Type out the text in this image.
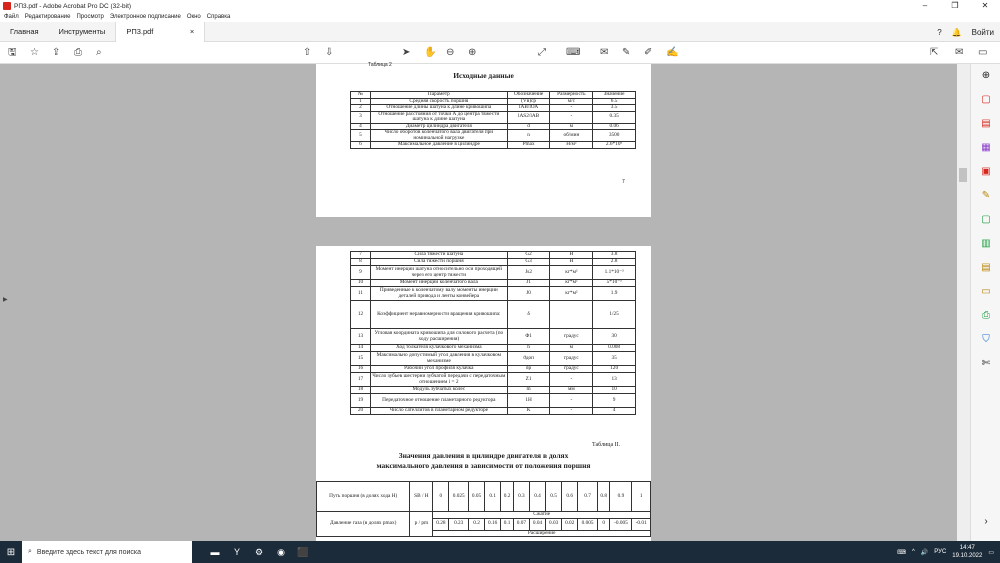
РП3.pdf - Adobe Acrobat Pro DC (32-bit)	–	❐	✕
Файл Редактирование Просмотр Электронное подписание Окно Справка
Главная	Инструменты	РП3.pdf	×	? 🔔 Войти
🖫 ☆ ⇪ ⎙ ⌕	⇧ ⇩	➤ ✋ ⊖ ⊕	⤢ ⌨ ✉ ✎ ✐ ✍	⇱ ✉ ▭
▶
⊕
▢
▤
▦
▣
✎
▢
▥
▤
▭
⎙
⛉
✄
›
Таблица 2
Исходные данные
№	Параметр	Обозначение	Размерность	Значение
1	Средняя скорость поршня	(Vв)ср	м/с	6.5
2	Отношение длины шатуна к длине кривошипа	lАВ/lОА	-	3.5
3	Отношение расстояния от точки А до центра тяжести шатуна к длине шатуна	lAS2/lAB	-	0.35
4	Диаметр цилиндра двигателя	d	м	0.06
5	Число оборотов коленчатого вала двигателя при номинальной нагрузке	n	об/мин	3500
6	Максимальное давление в цилиндре	Pmax	Н/м²	2.6*10⁶
7
7	Сила тяжести шатуна	G2	Н	3.8
8	Сила тяжести поршня	G3	Н	2.8
9	Момент инерции шатуна относительно оси проходящей через его центр тяжести	Js2	кг*м²	1.1*10⁻³
10	Момент инерции коленчатого вала	J1	кг*м²	5*10⁻³
11	Приведенные к коленчатому валу моменты инерции деталей привода и ленты конвейера	J0	кг*м²	1.9
12	Коэффициент неравномерности вращения кривошипа:	δ		1/25
13	Угловая координата кривошипа для силового расчета (по ходу расширения)	Φ1	градус	30
14	Ход толкателя кулачкового механизма	h	м	0.008
15	Максимально допустимый угол давления в кулачковом механизме	ϑдоп	градус	35
16	Рабочий угол профиля кулачка	δp	градус	120
17	Число зубьев шестерни зубчатой передачи с передаточным отношением i = 2	Z1	-	13
18	Модуль зубчатых колес	m	мм	10
19	Передаточное отношение планетарного редуктора	1H	-	9
20	Число сателлитов в планетарном редукторе	K	-	4
Таблица II.
Значения давления в цилиндре двигателя в долях
максимального давления в зависимости от положения поршня
Путь поршня (в долях хода H)	SB / H	0	0.025	0.05	0.1	0.2	0.3	0.4	0.5	0.6	0.7	0.8	0.9	1
Давление газа (в долях pmax)	p / pm	Сжатие												
		0.28	0.23	0.2	0.16	0.1	0.07	0.04	0.03	0.02	0.005	0	-0.005	-0.01
		Расширение												
⊞	⌕ Введите здесь текст для поиска	▬	Y	⚙	◉	⬛	⌨ ^ 🔊 РУС
14:47
19.10.2022
▭
